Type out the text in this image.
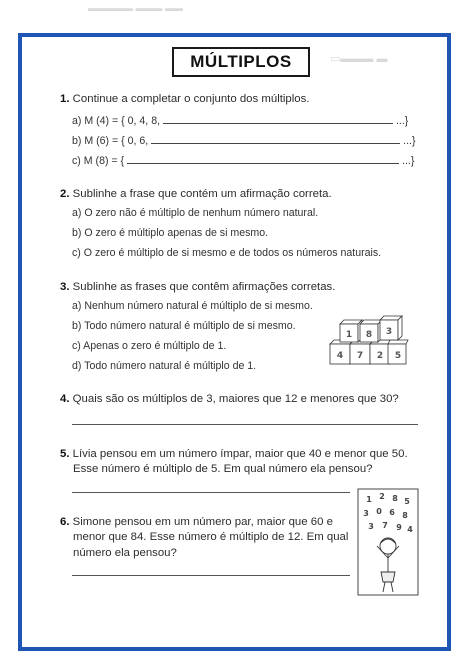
▬▬▬▬▬ ▬▬▬ ▬▬
▭▬▬▬ ▬
MÚLTIPLOS
1. Continue a completar o conjunto dos múltiplos.
a) M (4) = { 0, 4, 8,	...}
b) M (6) = { 0, 6,	...}
c) M (8) = {	...}
2. Sublinhe a frase que contém um afirmação correta.
a) O zero não é múltiplo de nenhum número natural.
b) O zero é múltiplo apenas de si mesmo.
c) O zero é múltiplo de si mesmo e de todos os números naturais.
3. Sublinhe as frases que contêm afirmações corretas.
a) Nenhum número natural é múltiplo de si mesmo.
b) Todo número natural é múltiplo de si mesmo.
c) Apenas o zero é múltiplo de 1.
d) Todo número natural é múltiplo de 1.
1 8 3
4 7 2 5
4. Quais são os múltiplos de 3, maiores que 12 e menores que 30?
5. Lívia pensou em um número ímpar, maior que 40 e menor que 50.
Esse número é múltiplo de 5. Em qual número ela pensou?
6. Simone pensou em um número par, maior que 60 e
menor que 84. Esse número é múltiplo de 12. Em qual
número ela pensou?
1 2 8 5
3 0 6 8
3 7 9 4
